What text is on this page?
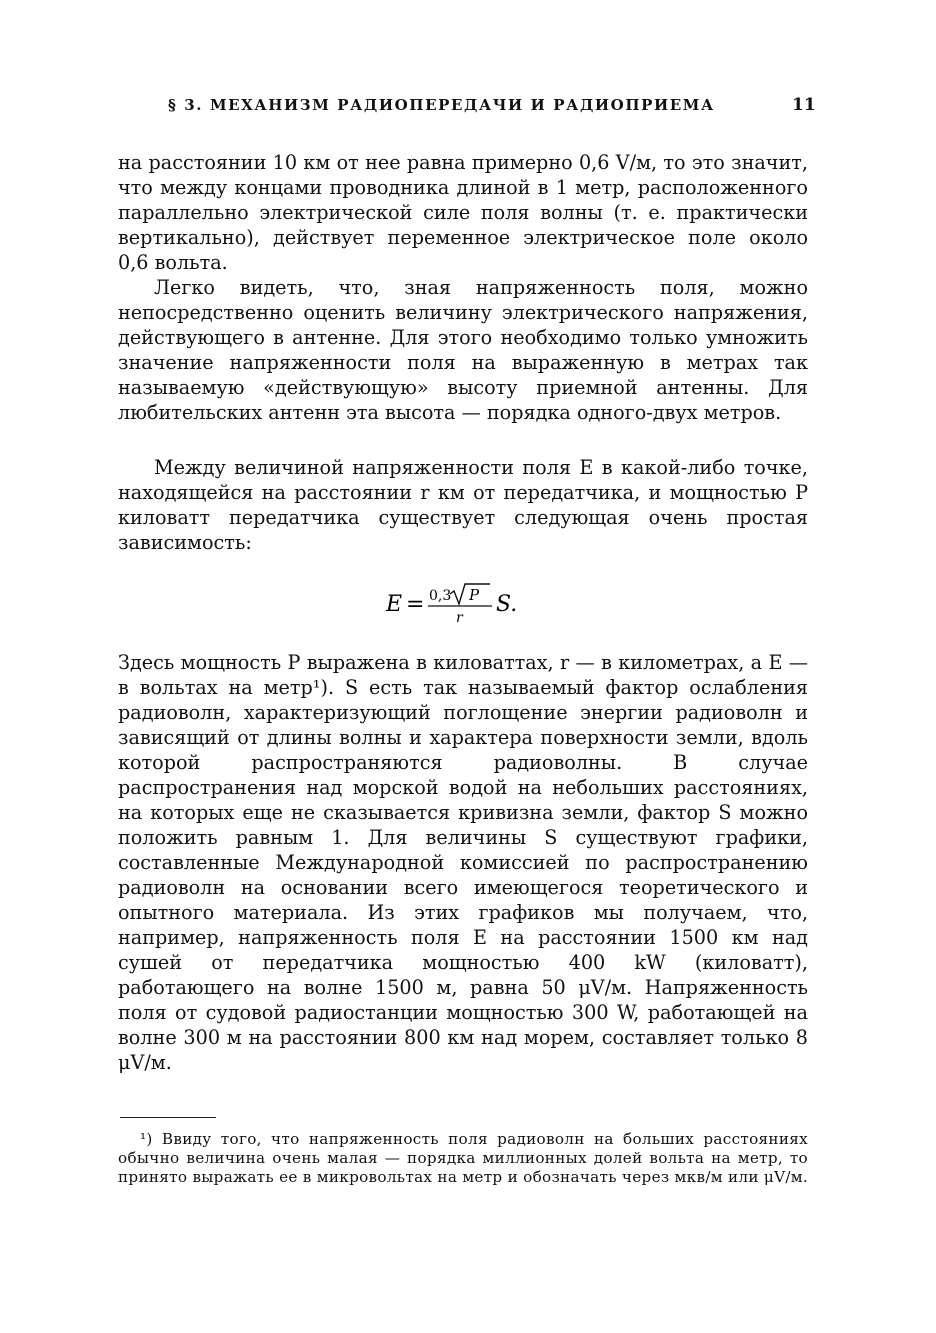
§ 3. МЕХАНИЗМ РАДИОПЕРЕДАЧИ И РАДИОПРИЕМА	11

на расстоянии 10 км от нее равна примерно 0,6 V/м, то это значит, что между концами проводника длиной в 1 метр, расположенного параллельно электрической силе поля волны (т. е. практически вертикально), действует переменное электрическое поле около 0,6 вольта.

Легко видеть, что, зная напряженность поля, можно непосредственно оценить величину электрического напряжения, действующего в антенне. Для этого необходимо только умножить значение напряженности поля на выраженную в метрах так называемую «действующую» высоту приемной антенны. Для любительских антенн эта высота — порядка одного-двух метров.

Между величиной напряженности поля E в какой-либо точке, находящейся на расстоянии r км от передатчика, и мощностью P киловатт передатчика существует следующая очень простая зависимость:

E = 0,3 P
r
S.

Здесь мощность P выражена в киловаттах, r — в километрах, а E — в вольтах на метр¹). S есть так называемый фактор ослабления радиоволн, характеризующий поглощение энергии радиоволн и зависящий от длины волны и характера поверхности земли, вдоль которой распространяются радиоволны. В случае распространения над морской водой на небольших расстояниях, на которых еще не сказывается кривизна земли, фактор S можно положить равным 1. Для величины S существуют графики, составленные Международной комиссией по распространению радиоволн на основании всего имеющегося теоретического и опытного материала. Из этих графиков мы получаем, что, например, напряженность поля E на расстоянии 1500 км над сушей от передатчика мощностью 400 kW (киловатт), работающего на волне 1500 м, равна 50 μV/м. Напряженность поля от судовой радиостанции мощностью 300 W, работающей на волне 300 м на расстоянии 800 км над морем, составляет только 8 μV/м.

¹) Ввиду того, что напряженность поля радиоволн на больших расстояниях обычно величина очень малая — порядка миллионных долей вольта на метр, то принято выражать ее в микровольтах на метр и обозначать через мкв/м или μV/м.
